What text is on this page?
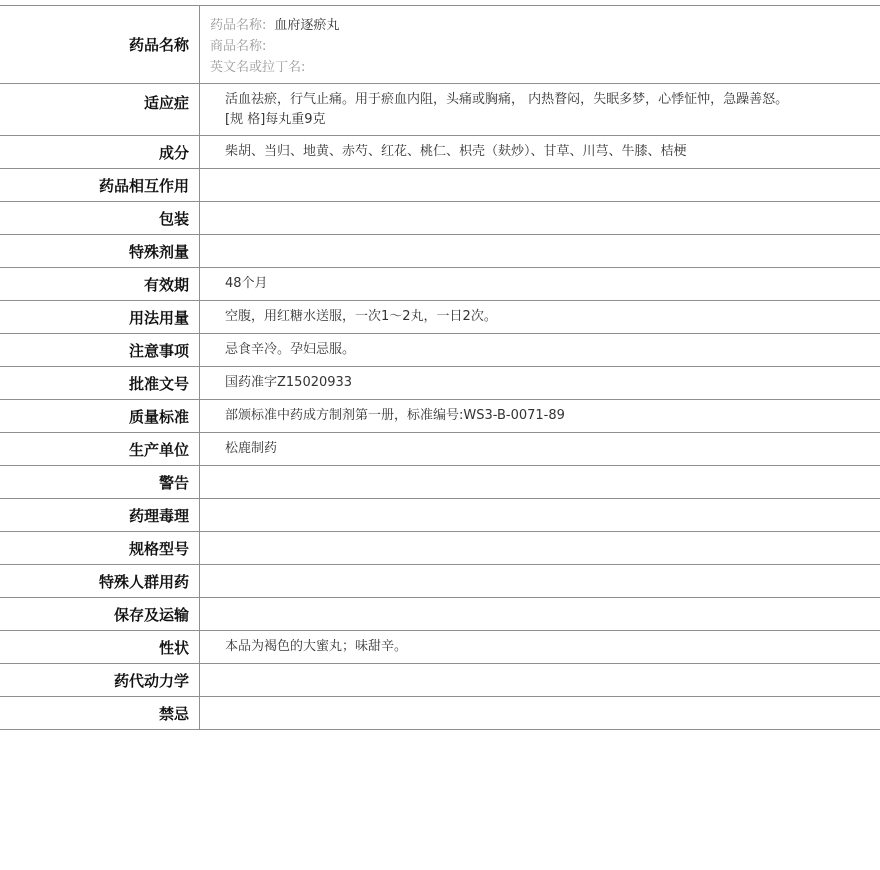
药品名称
药品名称: 血府逐瘀丸
商品名称:
英文名或拉丁名:
适应症	活血祛瘀，行气止痛。用于瘀血内阻，头痛或胸痛， 内热瞀闷，失眠多梦，心悸怔忡，急躁善怒。[规 格]每丸重9克
成分	柴胡、当归、地黄、赤芍、红花、桃仁、枳壳（麸炒）、甘草、川芎、牛膝、桔梗
药品相互作用
包装
特殊剂量
有效期	48个月
用法用量	空腹，用红糖水送服，一次1～2丸，一日2次。
注意事项	忌食辛冷。孕妇忌服。
批准文号	国药准字Z15020933
质量标准	部颁标准中药成方制剂第一册，标准编号:WS3-B-0071-89
生产单位	松鹿制药
警告
药理毒理
规格型号
特殊人群用药
保存及运输
性状	本品为褐色的大蜜丸；味甜辛。
药代动力学
禁忌
